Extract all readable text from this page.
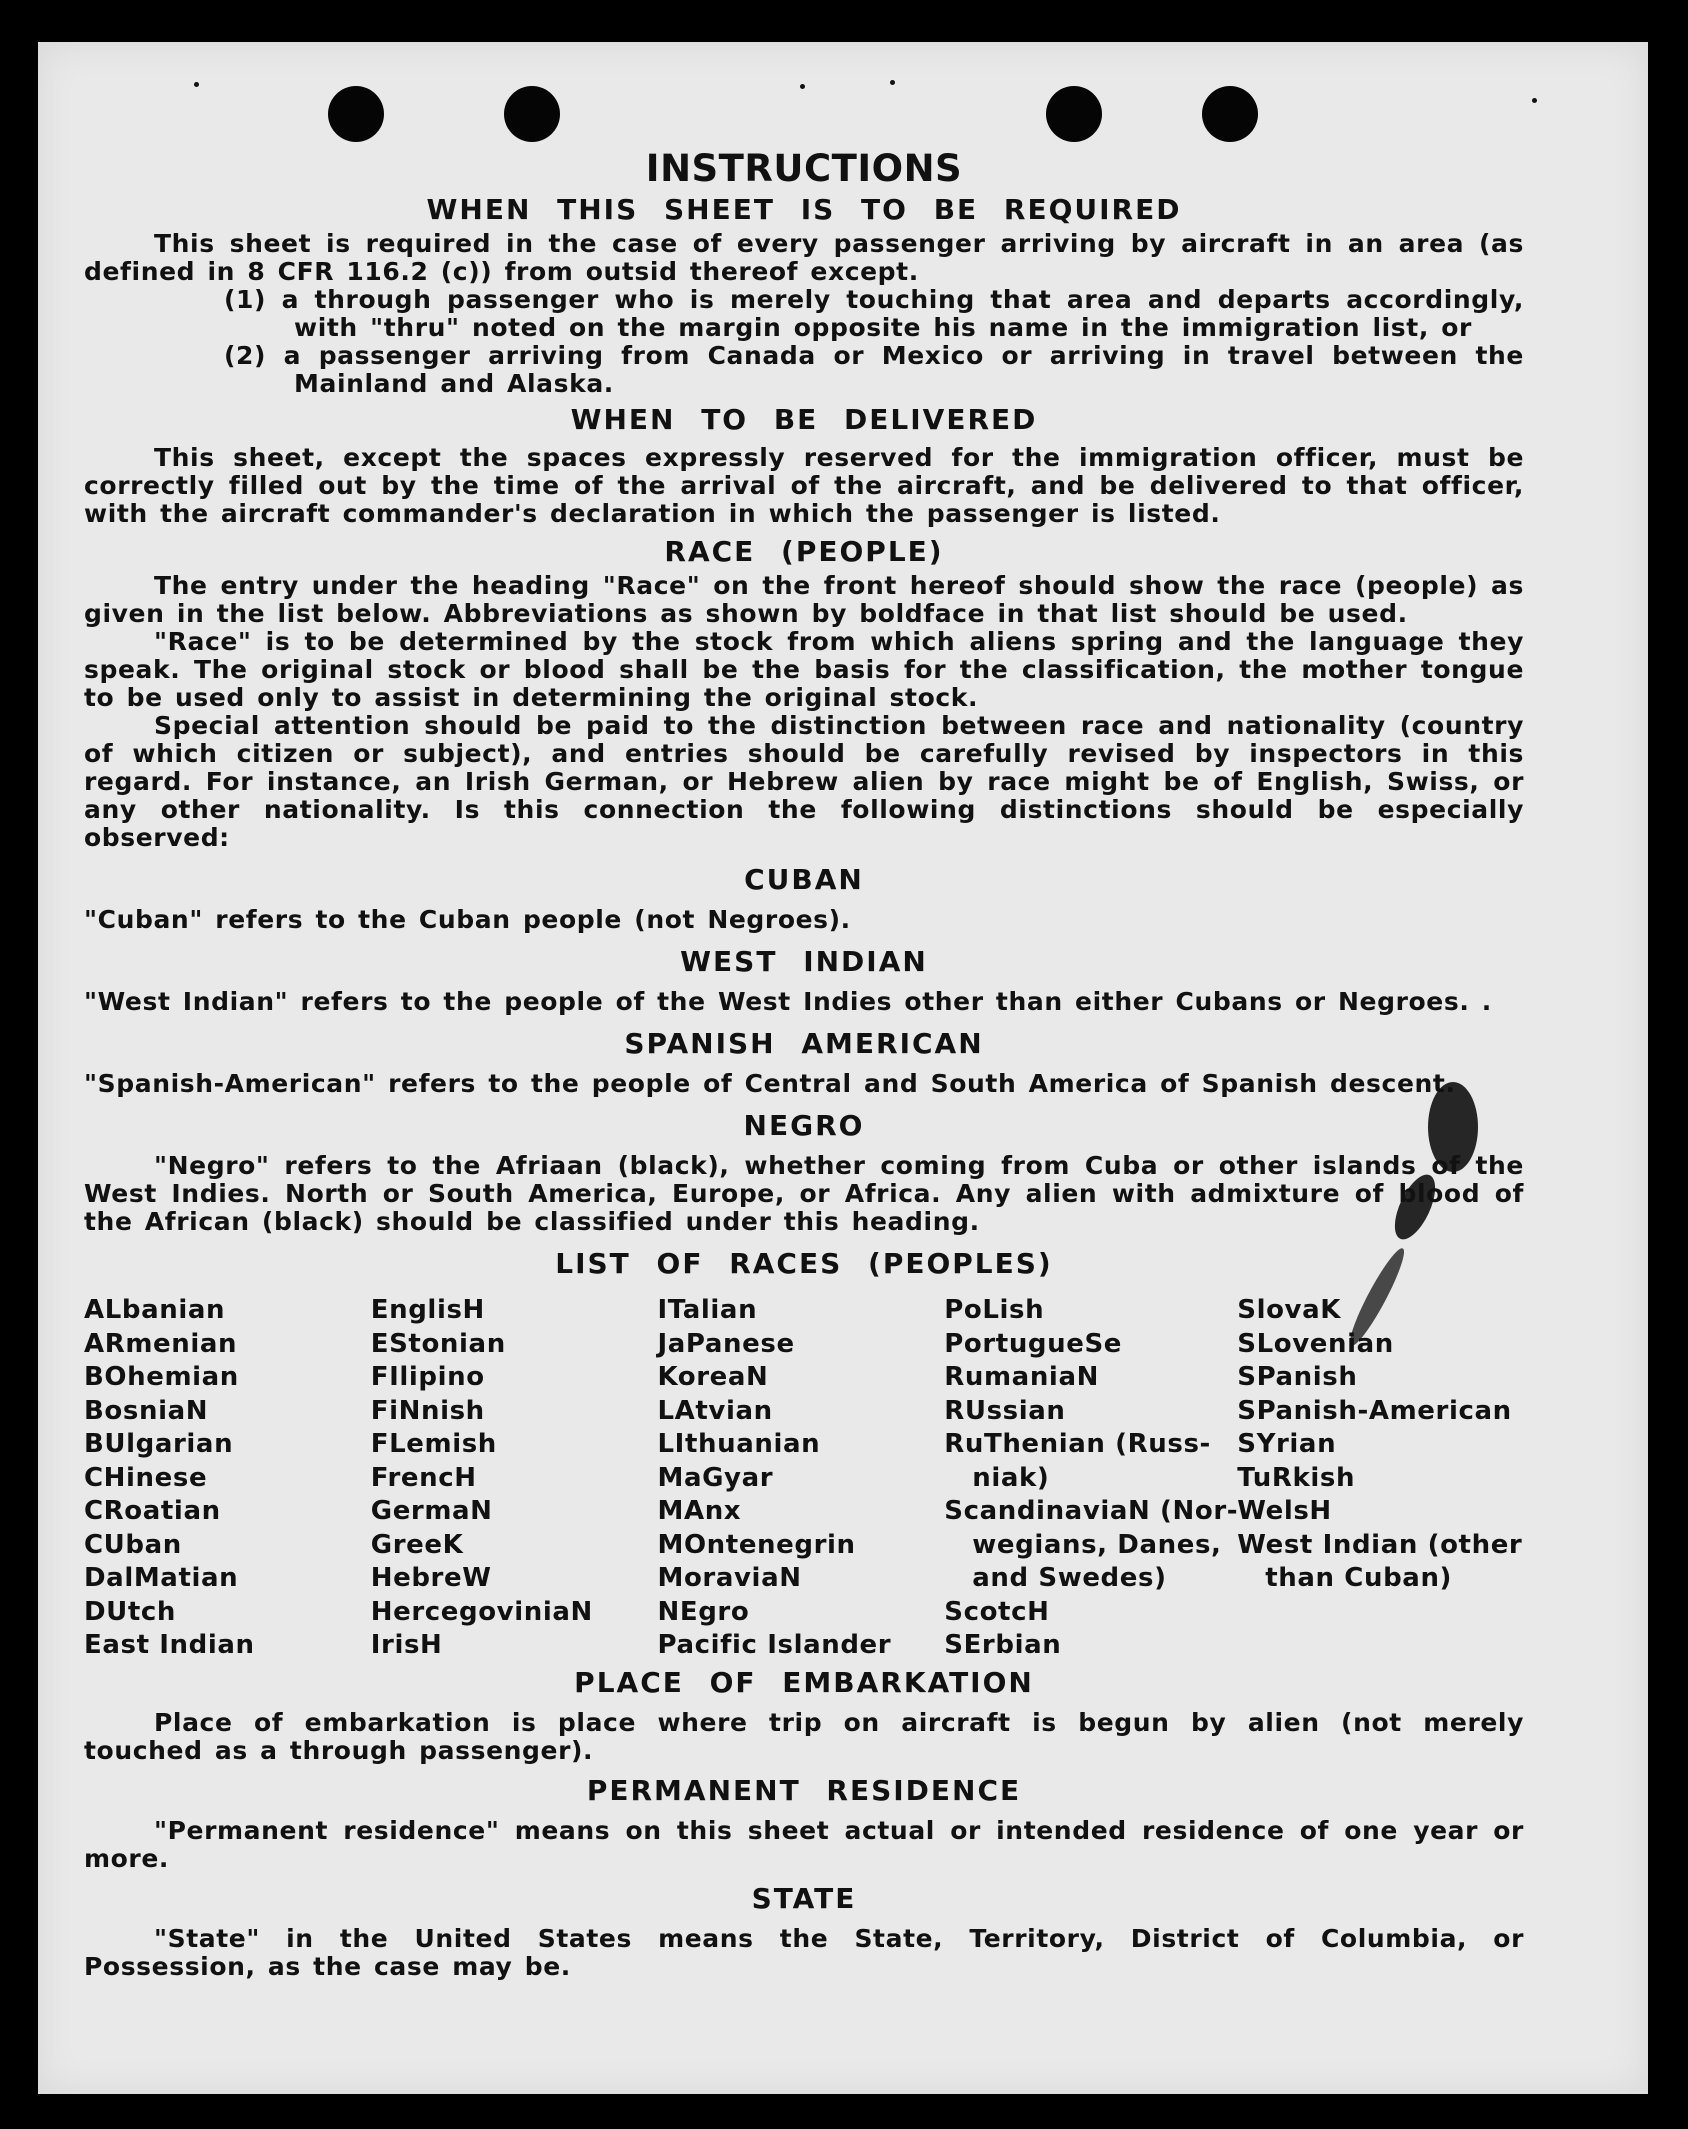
INSTRUCTIONS
WHEN THIS SHEET IS TO BE REQUIRED

This sheet is required in the case of every passenger arriving by aircraft in an area (as defined in 8 CFR 116.2 (c)) from outsid thereof except.

(1) a through passenger who is merely touching that area and departs accordingly, with "thru" noted on the margin opposite his name in the immigration list, or

(2) a passenger arriving from Canada or Mexico or arriving in travel between the Mainland and Alaska.

WHEN TO BE DELIVERED

This sheet, except the spaces expressly reserved for the immigration officer, must be correctly filled out by the time of the arrival of the aircraft, and be delivered to that officer, with the aircraft commander's declaration in which the passenger is listed.

RACE (PEOPLE)

The entry under the heading "Race" on the front hereof should show the race (people) as given in the list below. Abbreviations as shown by boldface in that list should be used.

"Race" is to be determined by the stock from which aliens spring and the language they speak. The original stock or blood shall be the basis for the classification, the mother tongue to be used only to assist in determining the original stock.

Special attention should be paid to the distinction between race and nationality (country of which citizen or subject), and entries should be carefully revised by inspectors in this regard. For instance, an Irish German, or Hebrew alien by race might be of English, Swiss, or any other nationality. Is this connection the following distinctions should be especially observed:

CUBAN

"Cuban" refers to the Cuban people (not Negroes).

WEST INDIAN

"West Indian" refers to the people of the West Indies other than either Cubans or Negroes. .

SPANISH AMERICAN

"Spanish-American" refers to the people of Central and South America of Spanish descent.

NEGRO

"Negro" refers to the Afriaan (black), whether coming from Cuba or other islands of the West Indies. North or South America, Europe, or Africa. Any alien with admixture of blood of the African (black) should be classified under this heading.

LIST OF RACES (PEOPLES)
ALbanian
ARmenian
BOhemian
BosniaN
BUlgarian
CHinese
CRoatian
CUban
DalMatian
DUtch
East Indian
EnglisH
EStonian
FIlipino
FiNnish
FLemish
FrencH
GermaN
GreeK
HebreW
HercegoviniaN
IrisH
ITalian
JaPanese
KoreaN
LAtvian
LIthuanian
MaGyar
MAnx
MOntenegrin
MoraviaN
NEgro
Pacific Islander
PoLish
PortugueSe
RumaniaN
RUssian
RuThenian (Russ-
niak)
ScandinaviaN (Nor-
wegians, Danes,
and Swedes)
ScotcH
SErbian
SlovaK
SLovenian
SPanish
SPanish-American
SYrian
TuRkish
WelsH
West Indian (other
than Cuban)
PLACE OF EMBARKATION

Place of embarkation is place where trip on aircraft is begun by alien (not merely touched as a through passenger).

PERMANENT RESIDENCE

"Permanent residence" means on this sheet actual or intended residence of one year or more.

STATE

"State" in the United States means the State, Territory, District of Columbia, or Possession, as the case may be.
